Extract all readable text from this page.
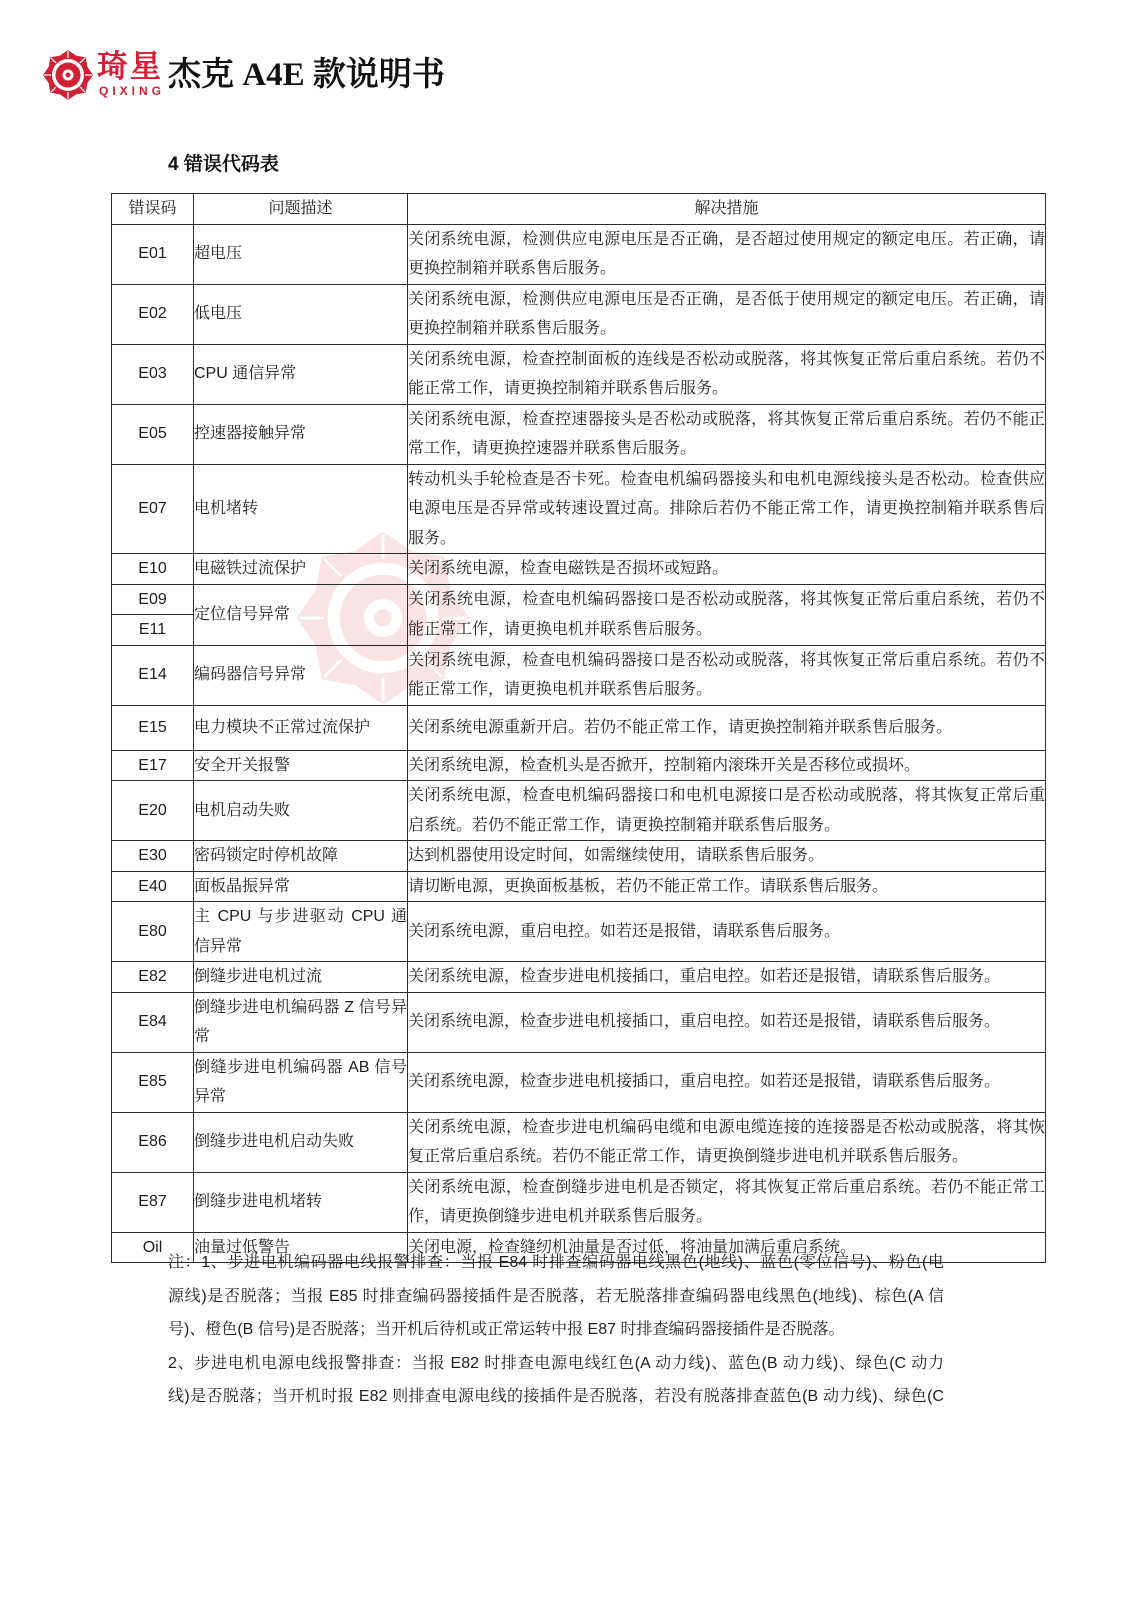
琦星
QIXING 杰克 A4E 款说明书
4 错误代码表
错误码	问题描述	解决措施
E01	超电压	关闭系统电源，检测供应电源电压是否正确，是否超过使用规定的额定电压。若正确，请更换控制箱并联系售后服务。
E02	低电压	关闭系统电源，检测供应电源电压是否正确，是否低于使用规定的额定电压。若正确，请更换控制箱并联系售后服务。
E03	CPU 通信异常	关闭系统电源，检查控制面板的连线是否松动或脱落，将其恢复正常后重启系统。若仍不能正常工作，请更换控制箱并联系售后服务。
E05	控速器接触异常	关闭系统电源，检查控速器接头是否松动或脱落，将其恢复正常后重启系统。若仍不能正常工作，请更换控速器并联系售后服务。
E07	电机堵转	转动机头手轮检查是否卡死。检查电机编码器接头和电机电源线接头是否松动。检查供应电源电压是否异常或转速设置过高。排除后若仍不能正常工作，请更换控制箱并联系售后服务。
E10	电磁铁过流保护	关闭系统电源，检查电磁铁是否损坏或短路。
E09	定位信号异常	关闭系统电源，检查电机编码器接口是否松动或脱落，将其恢复正常后重启系统，若仍不能正常工作，请更换电机并联系售后服务。
E11		
E14	编码器信号异常	关闭系统电源，检查电机编码器接口是否松动或脱落，将其恢复正常后重启系统。若仍不能正常工作，请更换电机并联系售后服务。
E15	电力模块不正常过流保护	关闭系统电源重新开启。若仍不能正常工作，请更换控制箱并联系售后服务。
E17	安全开关报警	关闭系统电源，检查机头是否掀开，控制箱内滚珠开关是否移位或损坏。
E20	电机启动失败	关闭系统电源，检查电机编码器接口和电机电源接口是否松动或脱落，将其恢复正常后重启系统。若仍不能正常工作，请更换控制箱并联系售后服务。
E30	密码锁定时停机故障	达到机器使用设定时间，如需继续使用，请联系售后服务。
E40	面板晶振异常	请切断电源，更换面板基板，若仍不能正常工作。请联系售后服务。
E80	主 CPU 与步进驱动 CPU 通信异常	关闭系统电源，重启电控。如若还是报错，请联系售后服务。
E82	倒缝步进电机过流	关闭系统电源，检查步进电机接插口，重启电控。如若还是报错，请联系售后服务。
E84	倒缝步进电机编码器 Z 信号异常	关闭系统电源，检查步进电机接插口，重启电控。如若还是报错，请联系售后服务。
E85	倒缝步进电机编码器 AB 信号异常	关闭系统电源，检查步进电机接插口，重启电控。如若还是报错，请联系售后服务。
E86	倒缝步进电机启动失败	关闭系统电源，检查步进电机编码电缆和电源电缆连接的连接器是否松动或脱落，将其恢复正常后重启系统。若仍不能正常工作，请更换倒缝步进电机并联系售后服务。
E87	倒缝步进电机堵转	关闭系统电源，检查倒缝步进电机是否锁定，将其恢复正常后重启系统。若仍不能正常工作，请更换倒缝步进电机并联系售后服务。
Oil	油量过低警告	关闭电源，检查缝纫机油量是否过低，将油量加满后重启系统。
注：1、步进电机编码器电线报警排查：当报 E84 时排查编码器电线黑色(地线)、蓝色(零位信号)、粉色(电
源线)是否脱落；当报 E85 时排查编码器接插件是否脱落，若无脱落排查编码器电线黑色(地线)、棕色(A 信
号)、橙色(B 信号)是否脱落；当开机后待机或正常运转中报 E87 时排查编码器接插件是否脱落。
2、步进电机电源电线报警排查：当报 E82 时排查电源电线红色(A 动力线)、蓝色(B 动力线)、绿色(C 动力
线)是否脱落；当开机时报 E82 则排查电源电线的接插件是否脱落，若没有脱落排查蓝色(B 动力线)、绿色(C
